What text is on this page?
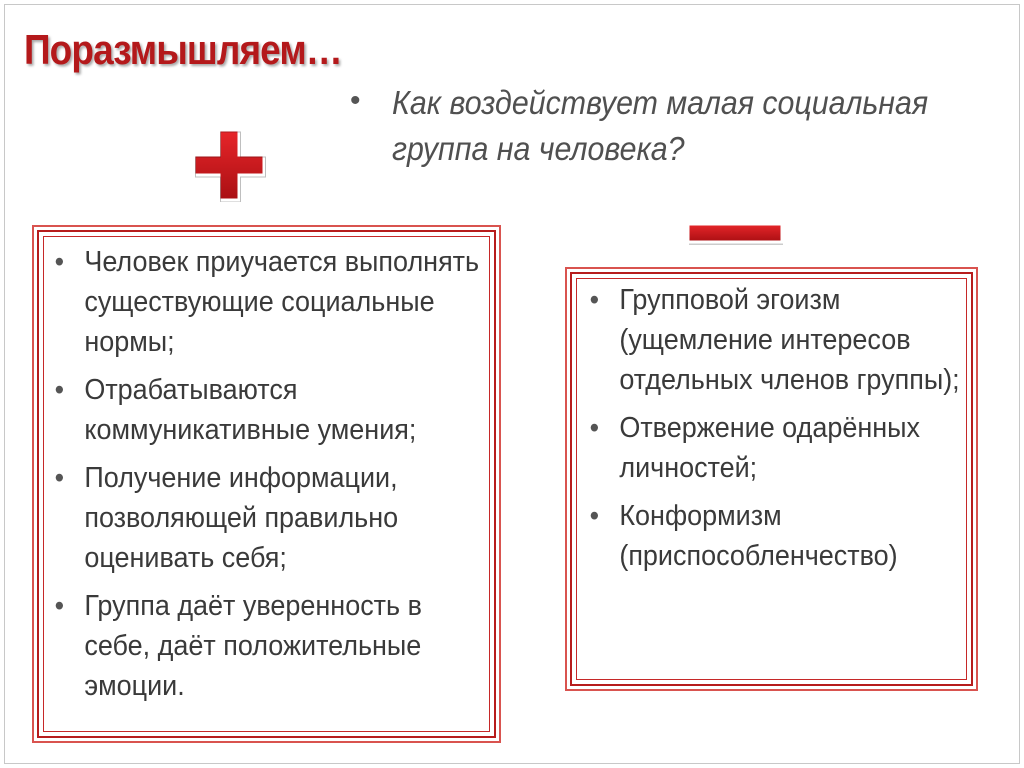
Поразмышляем…
• Как воздействует малая социальная группа на человека?
• Человек приучается выполнять существующие социальные нормы;
• Отрабатываются коммуникативные умения;
• Получение информации, позволяющей правильно оценивать себя;
• Группа даёт уверенность в себе, даёт положительные эмоции.
• Групповой эгоизм (ущемление интересов отдельных членов группы);
• Отвержение одарённых личностей;
• Конформизм (приспособленчество)
